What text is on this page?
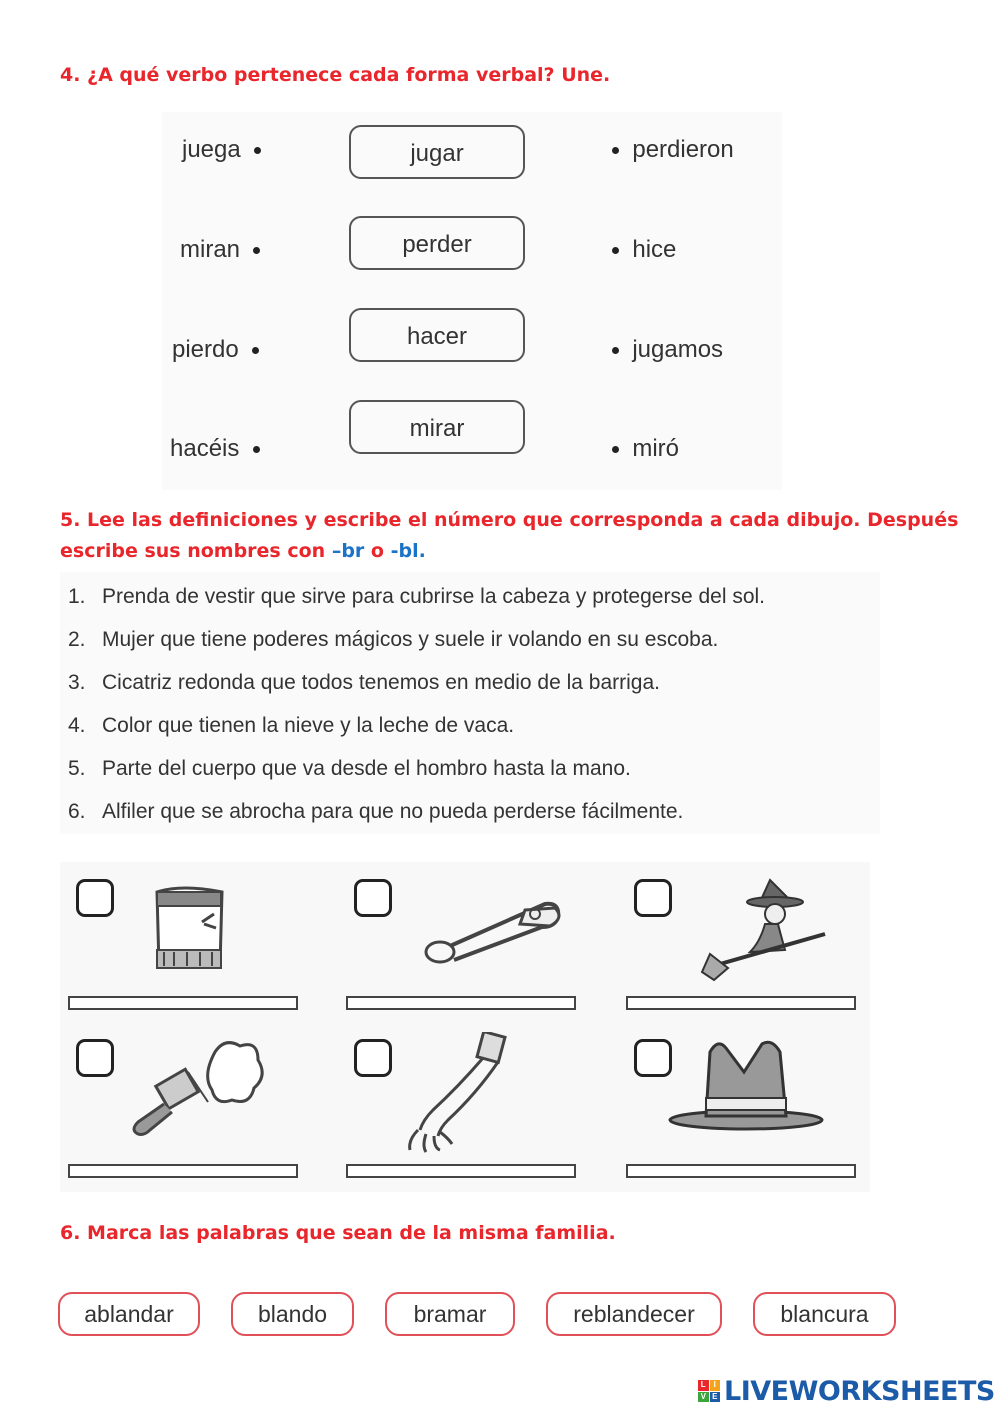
4. ¿A qué verbo pertenece cada forma verbal? Une.
juega
miran
pierdo
hacéis
jugar
perder
hacer
mirar
perdieron
hice
jugamos
miró
5. Lee las definiciones y escribe el número que corresponda a cada dibujo. Después
escribe sus nombres con –br o -bl.
1. Prenda de vestir que sirve para cubrirse la cabeza y protegerse del sol.
2. Mujer que tiene poderes mágicos y suele ir volando en su escoba.
3. Cicatriz redonda que todos tenemos en medio de la barriga.
4. Color que tienen la nieve y la leche de vaca.
5. Parte del cuerpo que va desde el hombro hasta la mano.
6. Alfiler que se abrocha para que no pueda perderse fácilmente.
6. Marca las palabras que sean de la misma familia.
ablandar	blando	bramar	reblandecer	blancura
L I
V E LIVEWORKSHEETS
